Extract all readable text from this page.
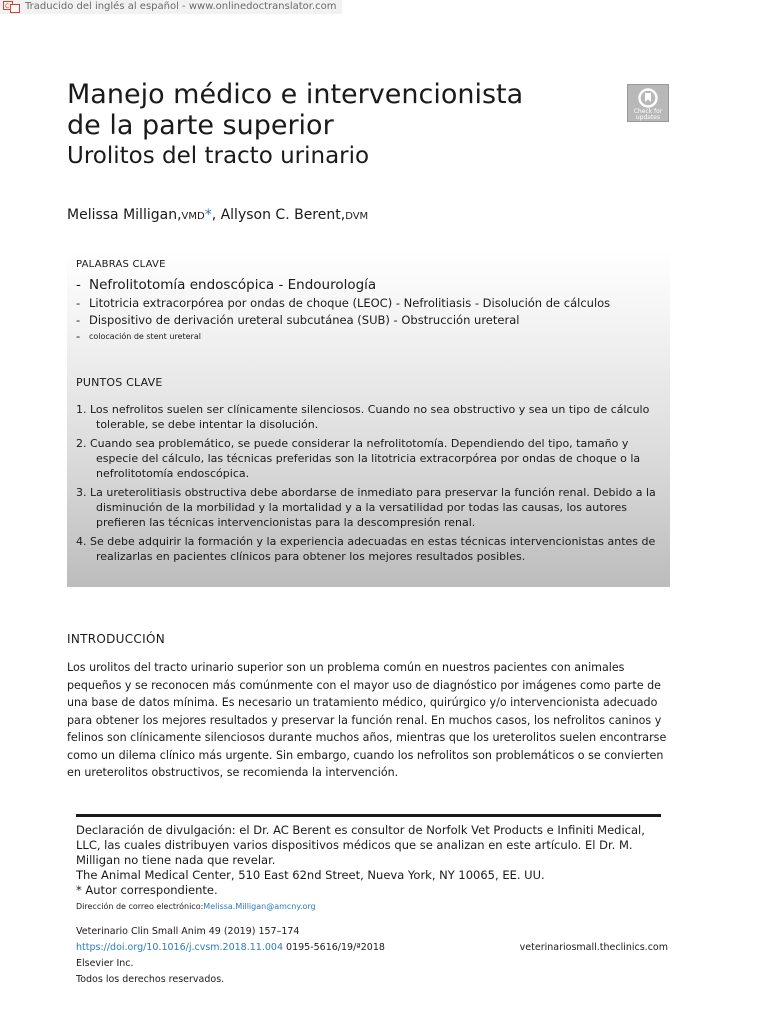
C Traducido del inglés al español - www.onlinedoctranslator.com
Manejo médico e intervencionista
de la parte superior
Urolitos del tracto urinario
Check for
updates
Melissa Milligan,VMD*, Allyson C. Berent,DVM
PALABRAS CLAVE
- Nefrolitotomía endoscópica - Endourología
- Litotricia extracorpórea por ondas de choque (LEOC) - Nefrolitiasis - Disolución de cálculos
- Dispositivo de derivación ureteral subcutánea (SUB) - Obstrucción ureteral
-	colocación de stent ureteral
PUNTOS CLAVE
1. Los nefrolitos suelen ser clínicamente silenciosos. Cuando no sea obstructivo y sea un tipo de cálculo tolerable, se debe intentar la disolución.
2. Cuando sea problemático, se puede considerar la nefrolitotomía. Dependiendo del tipo, tamaño y especie del cálculo, las técnicas preferidas son la litotricia extracorpórea por ondas de choque o la nefrolitotomía endoscópica.
3. La ureterolitiasis obstructiva debe abordarse de inmediato para preservar la función renal. Debido a la disminución de la morbilidad y la mortalidad y a la versatilidad por todas las causas, los autores prefieren las técnicas intervencionistas para la descompresión renal.
4. Se debe adquirir la formación y la experiencia adecuadas en estas técnicas intervencionistas antes de realizarlas en pacientes clínicos para obtener los mejores resultados posibles.
INTRODUCCIÓN

Los urolitos del tracto urinario superior son un problema común en nuestros pacientes con animales pequeños y se reconocen más comúnmente con el mayor uso de diagnóstico por imágenes como parte de una base de datos mínima. Es necesario un tratamiento médico, quirúrgico y/o intervencionista adecuado para obtener los mejores resultados y preservar la función renal. En muchos casos, los nefrolitos caninos y felinos son clínicamente silenciosos durante muchos años, mientras que los ureterolitos suelen encontrarse como un dilema clínico más urgente. Sin embargo, cuando los nefrolitos son problemáticos o se convierten en ureterolitos obstructivos, se recomienda la intervención.

Declaración de divulgación: el Dr. AC Berent es consultor de Norfolk Vet Products e Infiniti Medical, LLC, las cuales distribuyen varios dispositivos médicos que se analizan en este artículo. El Dr. M. Milligan no tiene nada que revelar.
The Animal Medical Center, 510 East 62nd Street, Nueva York, NY 10065, EE. UU.
* Autor correspondiente.
Dirección de correo electrónico:Melissa.Milligan@amcny.org
Veterinario Clin Small Anim 49 (2019) 157–174 https://doi.org/10.1016/j.cvsm.2018.11.004 0195-5616/19/ª2018 Elsevier Inc.
Todos los derechos reservados.
veterinariosmall.theclinics.com
